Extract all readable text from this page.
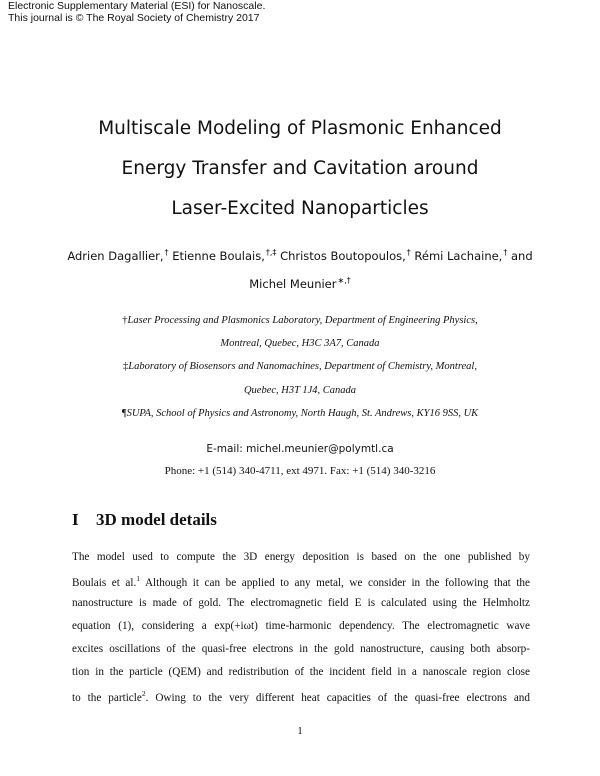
Electronic Supplementary Material (ESI) for Nanoscale.
This journal is © The Royal Society of Chemistry 2017
Multiscale Modeling of Plasmonic Enhanced
Energy Transfer and Cavitation around
Laser-Excited Nanoparticles
Adrien Dagallier,† Etienne Boulais,†,‡ Christos Boutopoulos,† Rémi Lachaine,† and
Michel Meunier∗,†
†Laser Processing and Plasmonics Laboratory, Department of Engineering Physics,
Montreal, Quebec, H3C 3A7, Canada
‡Laboratory of Biosensors and Nanomachines, Department of Chemistry, Montreal,
Quebec, H3T 1J4, Canada
¶SUPA, School of Physics and Astronomy, North Haugh, St. Andrews, KY16 9SS, UK
E-mail: michel.meunier@polymtl.ca
Phone: +1 (514) 340-4711, ext 4971. Fax: +1 (514) 340-3216
I 3D model details
The model used to compute the 3D energy deposition is based on the one published by
Boulais et al.$^1$ Although it can be applied to any metal, we consider in the following that the
nanostructure is made of gold. The electromagnetic field E is calculated using the Helmholtz
equation (1), considering a exp(+iωt) time-harmonic dependency. The electromagnetic wave
excites oscillations of the quasi-free electrons in the gold nanostructure, causing both absorp-
tion in the particle (QEM) and redistribution of the incident field in a nanoscale region close
to the particle$^2$. Owing to the very different heat capacities of the quasi-free electrons and
1
